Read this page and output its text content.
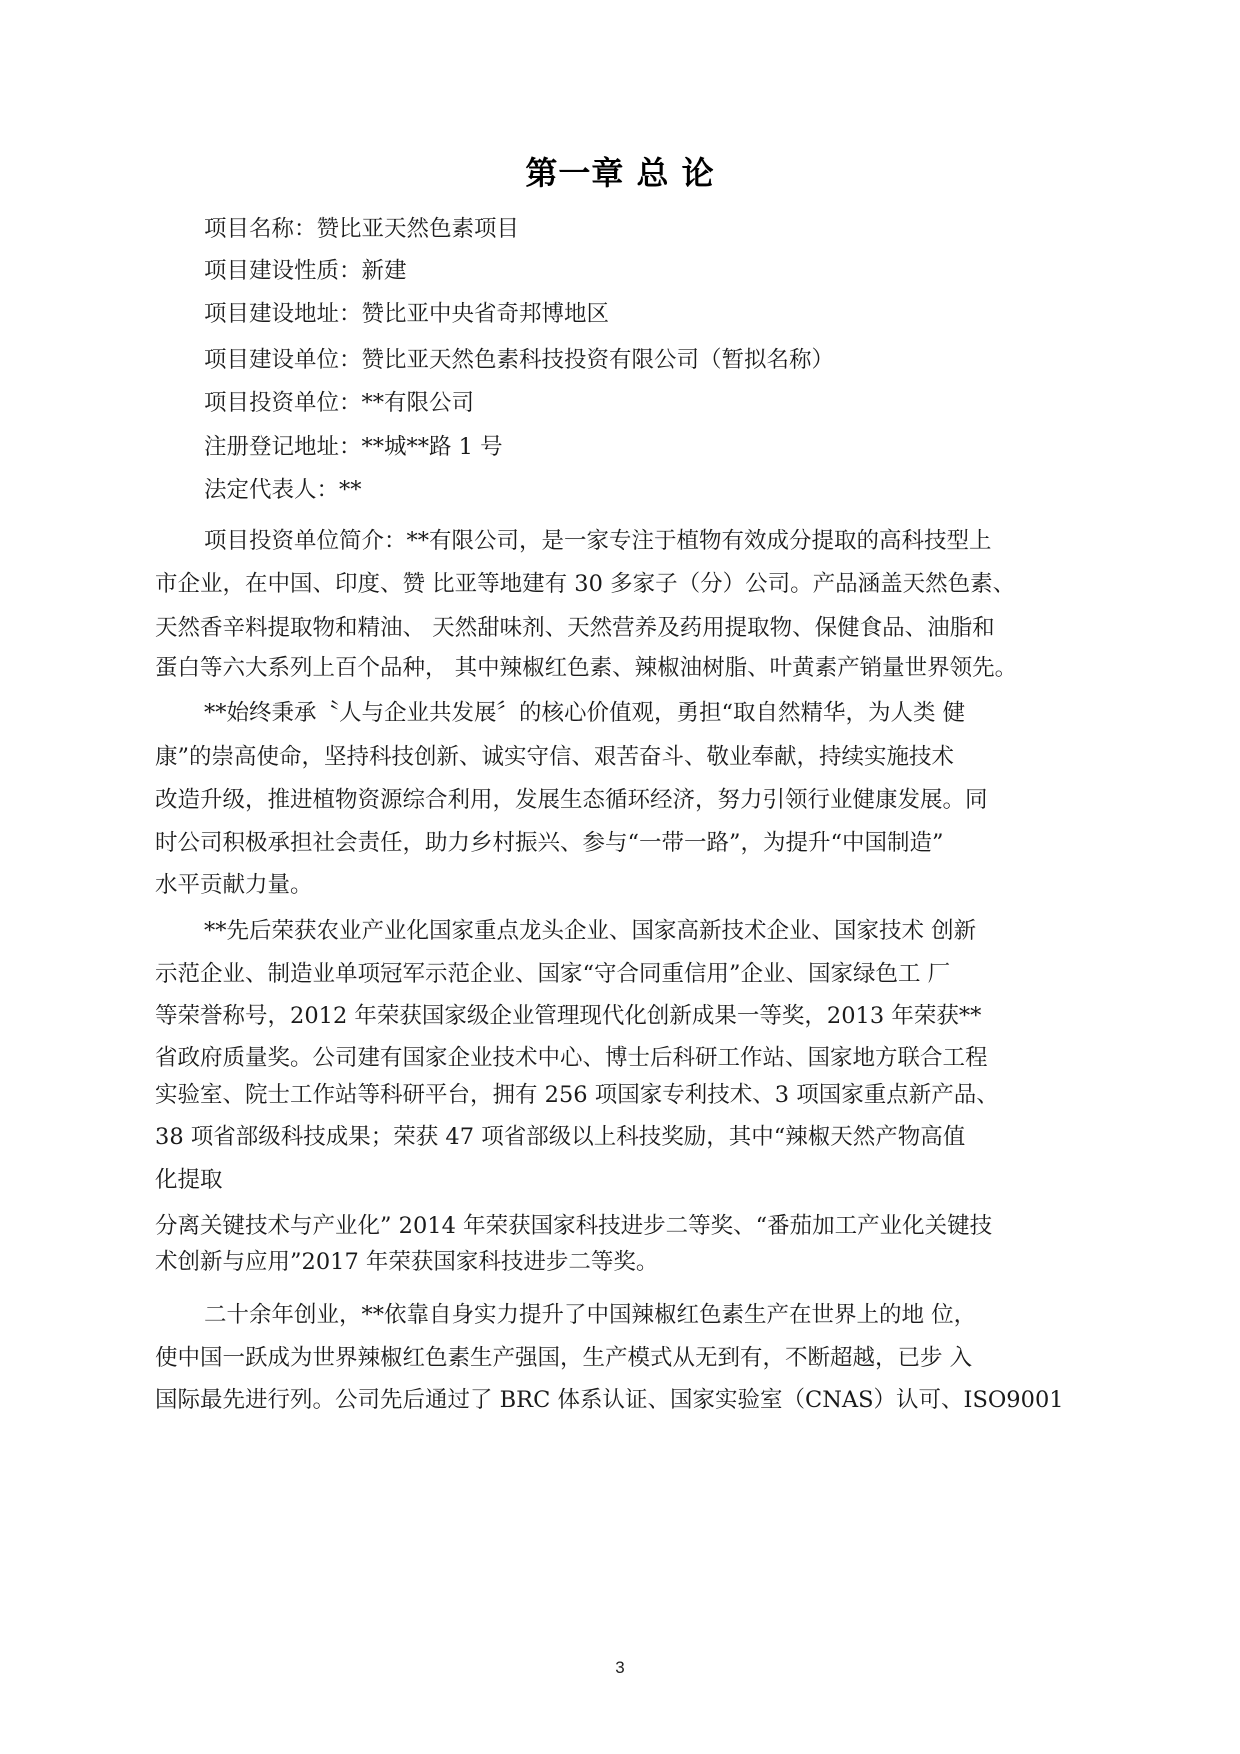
第一章 总 论
项目名称：赞比亚天然色素项目
项目建设性质：新建
项目建设地址：赞比亚中央省奇邦博地区
项目建设单位：赞比亚天然色素科技投资有限公司（暂拟名称）
项目投资单位：**有限公司
注册登记地址：**城**路 1 号
法定代表人：**
项目投资单位简介：**有限公司，是一家专注于植物有效成分提取的高科技型上
市企业，在中国、印度、赞 比亚等地建有 30 多家子（分）公司。产品涵盖天然色素、
天然香辛料提取物和精油、 天然甜味剂、天然营养及药用提取物、保健食品、油脂和
蛋白等六大系列上百个品种， 其中辣椒红色素、辣椒油树脂、叶黄素产销量世界领先。
**始终秉承〝人与企业共发展〞的核心价值观，勇担“取自然精华，为人类 健
康”的崇高使命，坚持科技创新、诚实守信、艰苦奋斗、敬业奉献，持续实施技术
改造升级，推进植物资源综合利用，发展生态循环经济，努力引领行业健康发展。同
时公司积极承担社会责任，助力乡村振兴、参与“一带一路”，为提升“中国制造”
水平贡献力量。
**先后荣获农业产业化国家重点龙头企业、国家高新技术企业、国家技术 创新
示范企业、制造业单项冠军示范企业、国家“守合同重信用”企业、国家绿色工 厂
等荣誉称号，2012 年荣获国家级企业管理现代化创新成果一等奖，2013 年荣获**
省政府质量奖。公司建有国家企业技术中心、博士后科研工作站、国家地方联合工程
实验室、院士工作站等科研平台，拥有 256 项国家专利技术、3 项国家重点新产品、
38 项省部级科技成果；荣获 47 项省部级以上科技奖励，其中“辣椒天然产物高值
化提取
分离关键技术与产业化” 2014 年荣获国家科技进步二等奖、“番茄加工产业化关键技
术创新与应用”2017 年荣获国家科技进步二等奖。
二十余年创业，**依靠自身实力提升了中国辣椒红色素生产在世界上的地 位，
使中国一跃成为世界辣椒红色素生产强国，生产模式从无到有，不断超越，已步 入
国际最先进行列。公司先后通过了 BRC 体系认证、国家实验室（CNAS）认可、ISO9001
3
